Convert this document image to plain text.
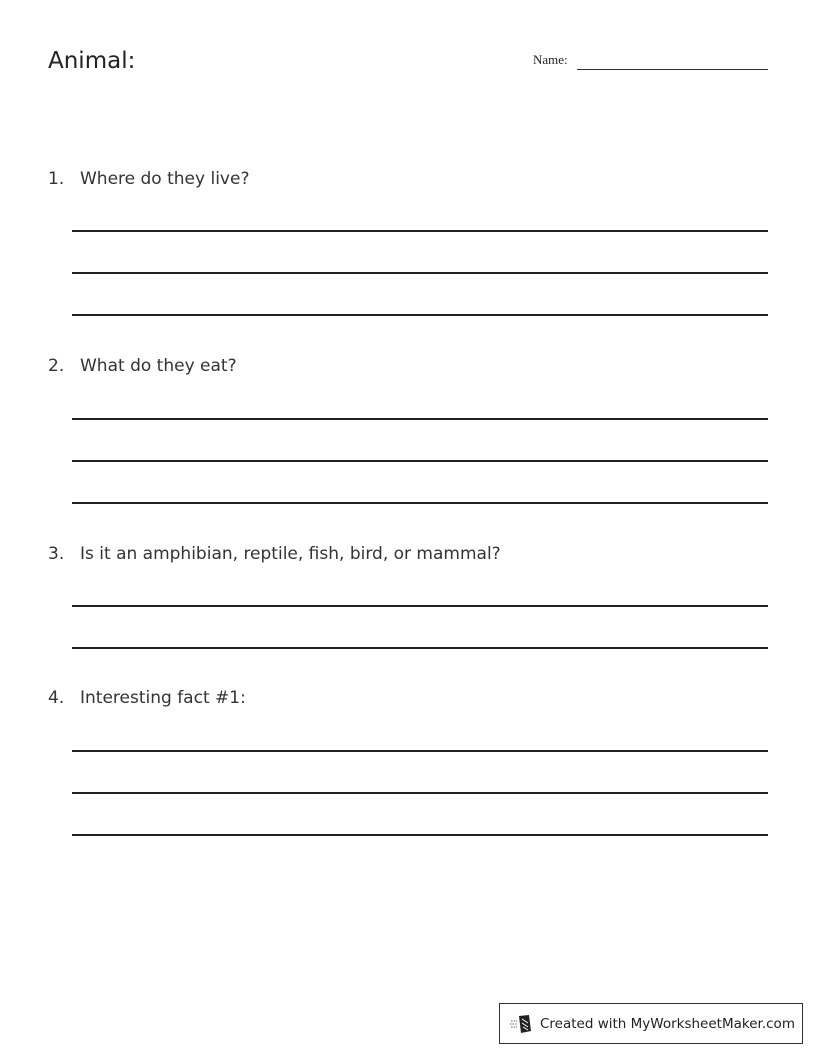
Animal:	Name:
1. Where do they live?
2. What do they eat?
3. Is it an amphibian, reptile, fish, bird, or mammal?
4. Interesting fact #1:
Created with MyWorksheetMaker.com
